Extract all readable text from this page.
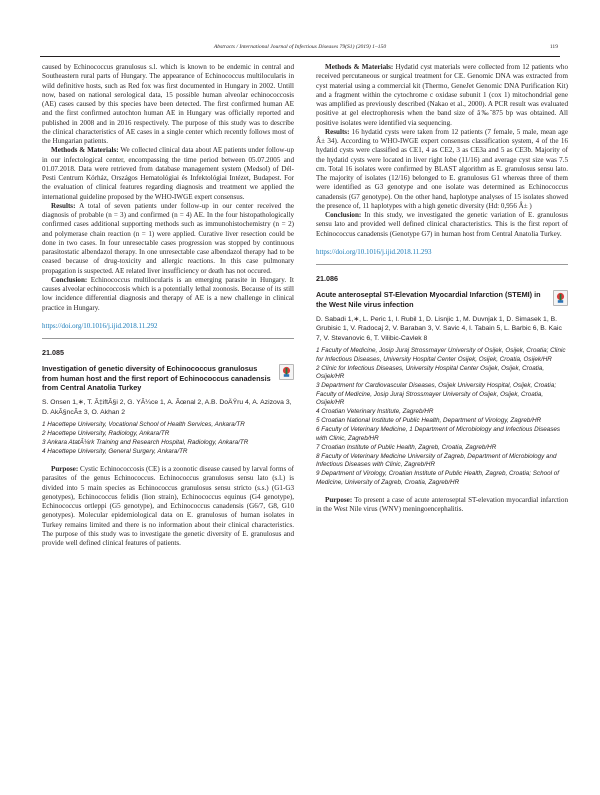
Abstracts / International Journal of Infectious Diseases 79(S1) (2019) 1–150	119

caused by Echinococcus granulosus s.l. which is known to be endemic in central and Southeastern rural parts of Hungary. The appearance of Echinococcus multilocularis in wild definitive hosts, such as Red fox was first documented in Hungary in 2002. Untill now, based on national serological data, 15 possible human alveolar echinococcosis (AE) cases caused by this species have been detected. The first confirmed human AE and the first confirmed autochton human AE in Hungary was officially reported and published in 2008 and in 2016 respectively. The purpose of this study was to describe the clinical characteristics of AE cases in a single center which recently follows most of the Hungarian patients.

Methods & Materials: We collected clinical data about AE patients under follow-up in our infectological center, encompassing the time period between 05.07.2005 and 01.07.2018. Data were retrieved from database management system (Medsol) of Dél-Pesti Centrum Kórház, Országos Hematológiai és Infektológiai Intézet, Budapest. For the evaluation of clinical features regarding diagnosis and treatment we applied the international guideline proposed by the WHO-IWGE expert consensus.

Results: A total of seven patients under follow-up in our center received the diagnosis of probable (n = 3) and confirmed (n = 4) AE. In the four histopathologically confirmed cases additional supporting methods such as immunohistochemistry (n = 2) and polymerase chain reaction (n = 1) were applied. Curative liver resection could be done in two cases. In four unresectable cases progression was stopped by continuous parasitostatic albendazol therapy. In one unresectable case albendazol therapy had to be ceased because of drug-toxicity and allergic reactions. In this case pulmonary propagation is suspected. AE related liver insufficiency or death has not occured.

Conclusion: Echinococcus multilocularis is an emerging parasite in Hungary. It causes alveolar echinococcosis which is a potentially lethal zoonosis. Because of its still low incidence differential diagnosis and therapy of AE is a new challenge in clinical practice in Hungary.

https://doi.org/10.1016/j.ijid.2018.11.292
21.085
Investigation of genetic diversity of Echinococcus granulosus from human host and the first report of Echinococcus canadensis from Central Anatolia Turkey
S. Onsen 1,∗, T. Ã‡iftÃ§i 2, G. YÃ¼ce 1, A. Ãœnal 2, A.B. DoÄŸru 4, A. Azizova 3, D. AkÃ§ncÃ± 3, O. Akhan 2
1 Hacettepe University, Vocational School of Health Services, Ankara/TR
2 Hacettepe University, Radiology, Ankara/TR
3 Ankara AtatÃ¼rk Training and Research Hospital, Radiology, Ankara/TR
4 Hacettepe University, General Surgery, Ankara/TR

Purpose: Cystic Echinococcosis (CE) is a zoonotic disease caused by larval forms of parasites of the genus Echinococcus. Echinococcus granulosus sensu lato (s.l.) is divided into 5 main species as Echinococcus granulosus sensu stricto (s.s.) (G1-G3 genotypes), Echinococcus felidis (lion strain), Echinococcus equinus (G4 genotype), Echinococcus ortleppi (G5 genotype), and Echinococcus canadensis (G6/7, G8, G10 genotypes). Molecular epidemiological data on E. granulosus of human isolates in Turkey remains limited and there is no information about their clinical characteristics. The purpose of this study was to investigate the genetic diversity of E. granulosus and provide well defined clinical features of patients.

Methods & Materials: Hydatid cyst materials were collected from 12 patients who received percutaneous or surgical treatment for CE. Genomic DNA was extracted from cyst material using a commercial kit (Thermo, GeneJet Genomic DNA Purification Kit) and a fragment within the cytochrome c oxidase subunit 1 (cox 1) mitochondrial gene was amplified as previously described (Nakao et al., 2000). A PCR result was evaluated positive at gel electrophoresis when the band size of â‰ˆ875 bp was obtained. All positive isolates were identified via sequencing.

Results: 16 hydatid cysts were taken from 12 patients (7 female, 5 male, mean age Â± 34). According to WHO-IWGE expert consensus classification system, 4 of the 16 hydatid cysts were classified as CE1, 4 as CE2, 3 as CE3a and 5 as CE3b. Majority of the hydatid cysts were located in liver right lobe (11/16) and average cyst size was 7.5 cm. Total 16 isolates were confirmed by BLAST algorithm as E. granulosus sensu lato. The majority of isolates (12/16) belonged to E. granulosus G1 whereas three of them were identified as G3 genotype and one isolate was determined as Echinococcus canadensis (G7 genotype). On the other hand, haplotype analyses of 15 isolates showed the presence of, 11 haplotypes with a high genetic diversity (Hd: 0,956 Â± )

Conclusion: In this study, we investigated the genetic variation of E. granulosus sensu lato and provided well defined clinical characteristics. This is the first report of Echinococcus canadensis (Genotype G7) in human host from Central Anatolia Turkey.

https://doi.org/10.1016/j.ijid.2018.11.293
21.086
Acute anteroseptal ST-Elevation Myocardial Infarction (STEMI) in the West Nile virus infection
D. Sabadi 1,∗, L. Peric 1, I. Rubil 1, D. Lisnjic 1, M. Duvnjak 1, D. Simasek 1, B. Grubisic 1, V. Radocaj 2, V. Baraban 3, V. Savic 4, I. Tabain 5, L. Barbic 6, B. Kaic 7, V. Stevanovic 6, T. Vilibic-Cavlek 8
1 Faculty of Medicine, Josip Juraj Strossmayer University of Osijek, Osijek, Croatia; Clinic for Infectious Diseases, University Hospital Center Osijek, Osijek, Croatia, Osijek/HR
2 Clinic for Infectious Diseases, University Hospital Center Osijek, Osijek, Croatia, Osijek/HR
3 Department for Cardiovascular Diseases, Osijek University Hospital, Osijek, Croatia; Faculty of Medicine, Josip Juraj Strossmayer University of Osijek, Osijek, Croatia, Osijek/HR
4 Croatian Veterinary Institute, Zagreb/HR
5 Croatian National Institute of Public Health, Department of Virology, Zagreb/HR
6 Faculty of Veterinary Medicine, 1 Department of Microbiology and Infectious Diseases with Clinic, Zagreb/HR
7 Croatian Institute of Public Health, Zagreb, Croatia, Zagreb/HR
8 Faculty of Veterinary Medicine University of Zagreb, Department of Microbiology and Infectious Diseases with Clinic, Zagreb/HR
9 Department of Virology, Croatian Institute of Public Health, Zagreb, Croatia; School of Medicine, University of Zagreb, Croatia, Zagreb/HR

Purpose: To present a case of acute anteroseptal ST-elevation myocardial infarction in the West Nile virus (WNV) meningoencephalitis.
